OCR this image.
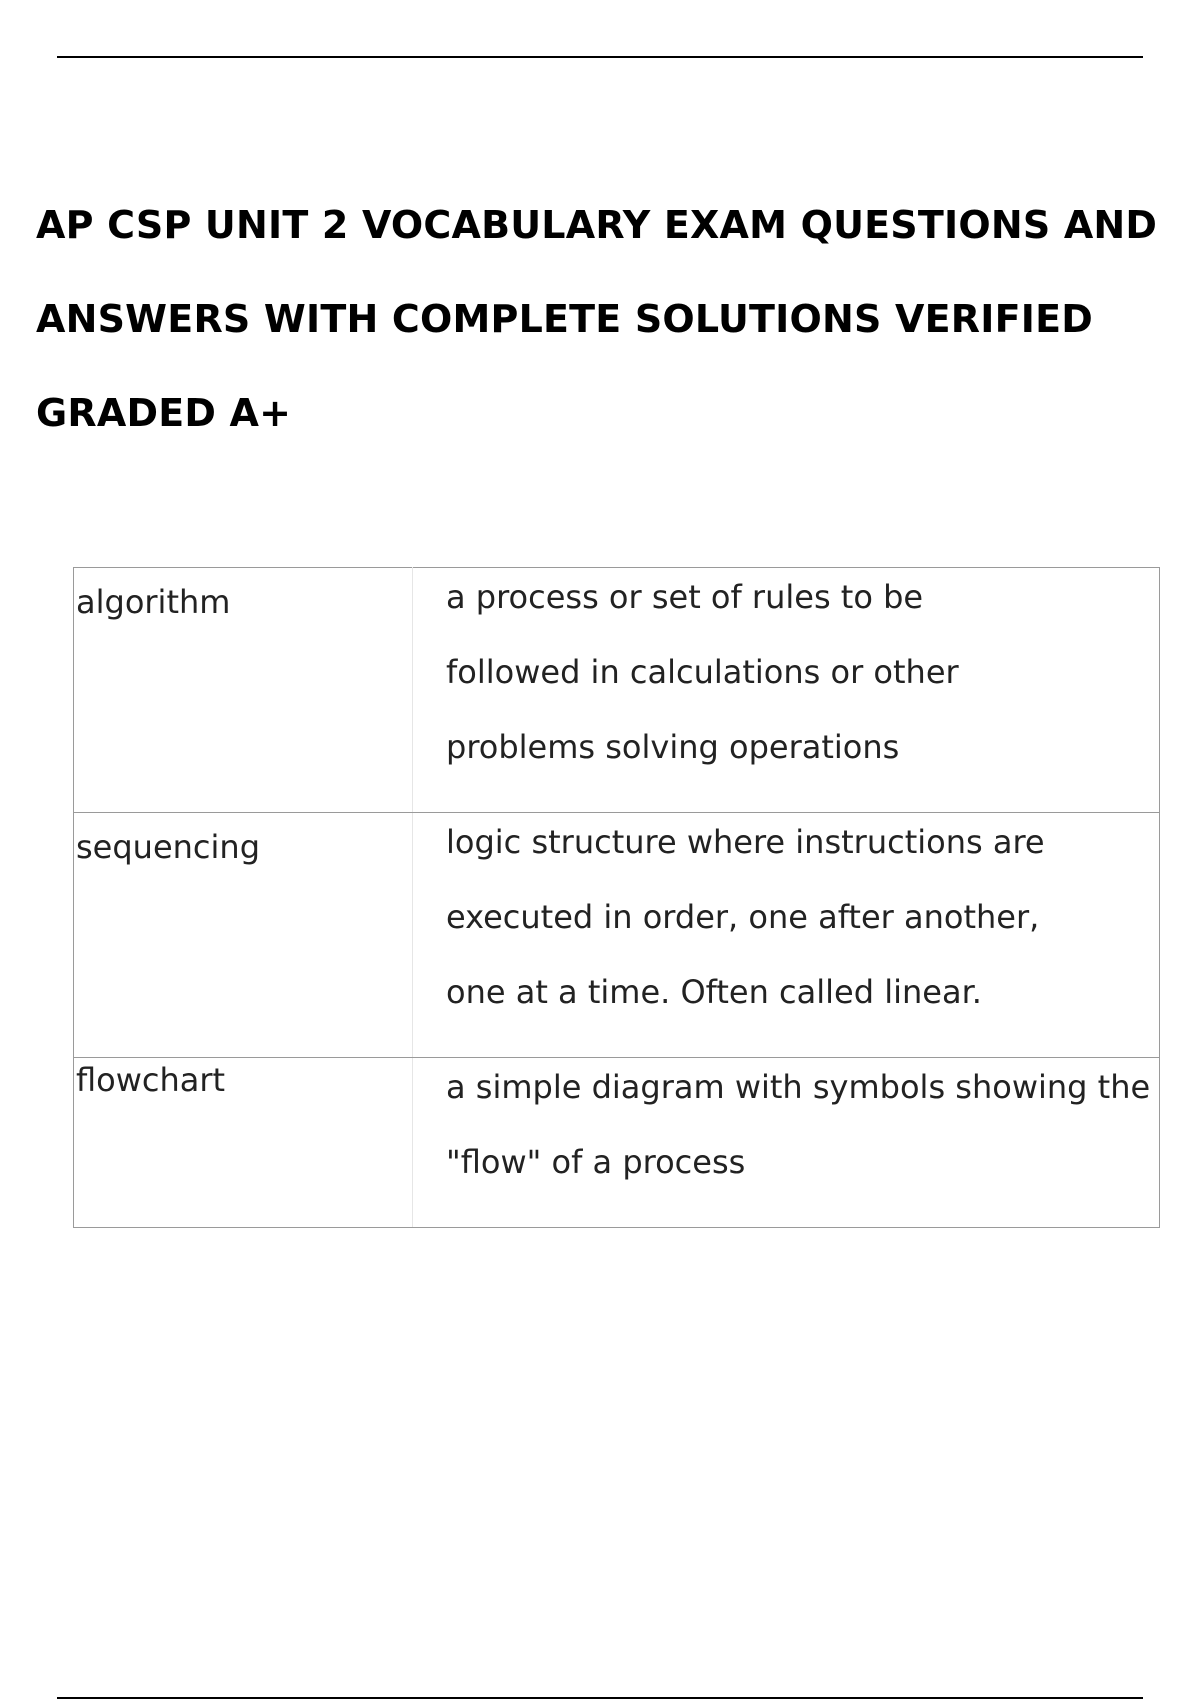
AP CSP UNIT 2 VOCABULARY EXAM QUESTIONS AND
ANSWERS WITH COMPLETE SOLUTIONS VERIFIED
GRADED A+
algorithm	a process or set of rules to be
followed in calculations or other
problems solving operations

sequencing	logic structure where instructions are
executed in order, one after another,
one at a time. Often called linear.

flowchart	a simple diagram with symbols showing the
"flow" of a process
